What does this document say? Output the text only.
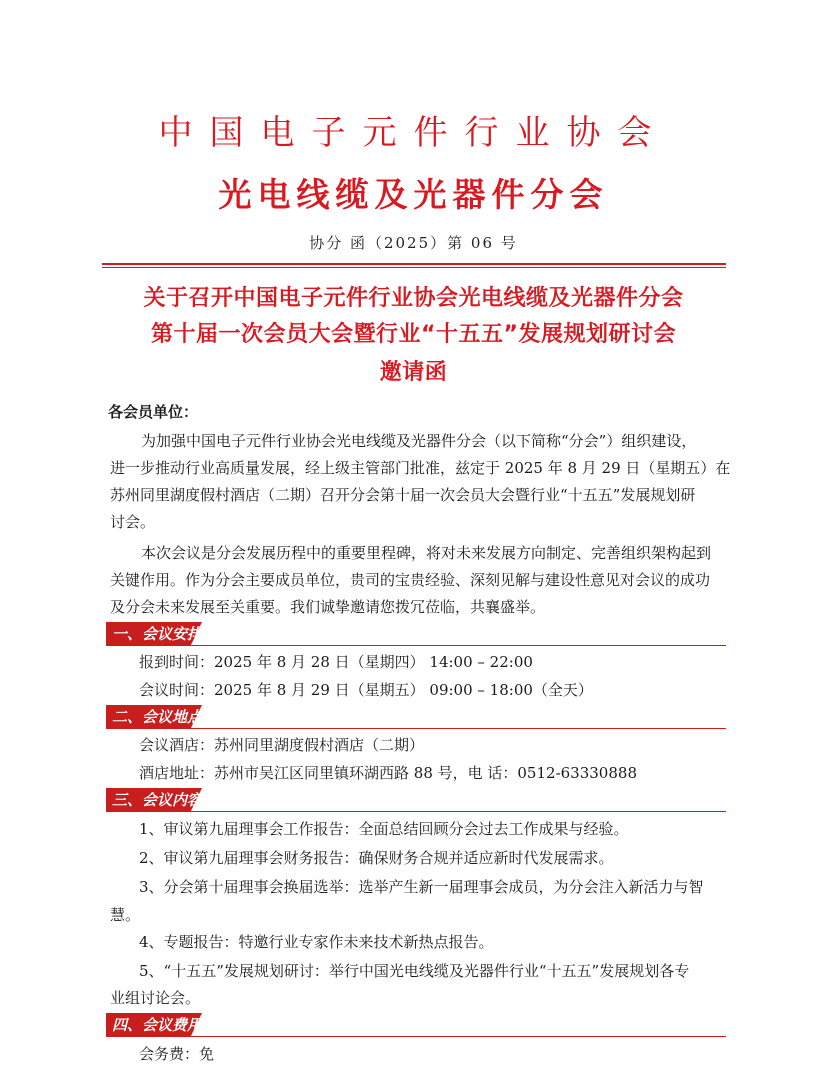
中国电子元件行业协会
光电线缆及光器件分会
协分 函（2025）第 06 号
关于召开中国电子元件行业协会光电线缆及光器件分会
第十届一次会员大会暨行业“十五五”发展规划研讨会
邀请函
各会员单位：
为加强中国电子元件行业协会光电线缆及光器件分会（以下简称“分会”）组织建设，
进一步推动行业高质量发展，经上级主管部门批准，兹定于 2025 年 8 月 29 日（星期五）在
苏州同里湖度假村酒店（二期）召开分会第十届一次会员大会暨行业“十五五”发展规划研
讨会。
本次会议是分会发展历程中的重要里程碑，将对未来发展方向制定、完善组织架构起到
关键作用。作为分会主要成员单位，贵司的宝贵经验、深刻见解与建设性意见对会议的成功
及分会未来发展至关重要。我们诚挚邀请您拨冗莅临，共襄盛举。
一、会议安排
报到时间：2025 年 8 月 28 日（星期四） 14:00 – 22:00
会议时间：2025 年 8 月 29 日（星期五） 09:00 – 18:00（全天）
二、会议地点
会议酒店：苏州同里湖度假村酒店（二期）
酒店地址：苏州市吴江区同里镇环湖西路 88 号，电 话：0512-63330888
三、会议内容
1、审议第九届理事会工作报告：全面总结回顾分会过去工作成果与经验。
2、审议第九届理事会财务报告：确保财务合规并适应新时代发展需求。
3、分会第十届理事会换届选举：选举产生新一届理事会成员，为分会注入新活力与智
慧。
4、专题报告：特邀行业专家作未来技术新热点报告。
5、“十五五”发展规划研讨：举行中国光电线缆及光器件行业“十五五”发展规划各专
业组讨论会。
四、会议费用
会务费：免
